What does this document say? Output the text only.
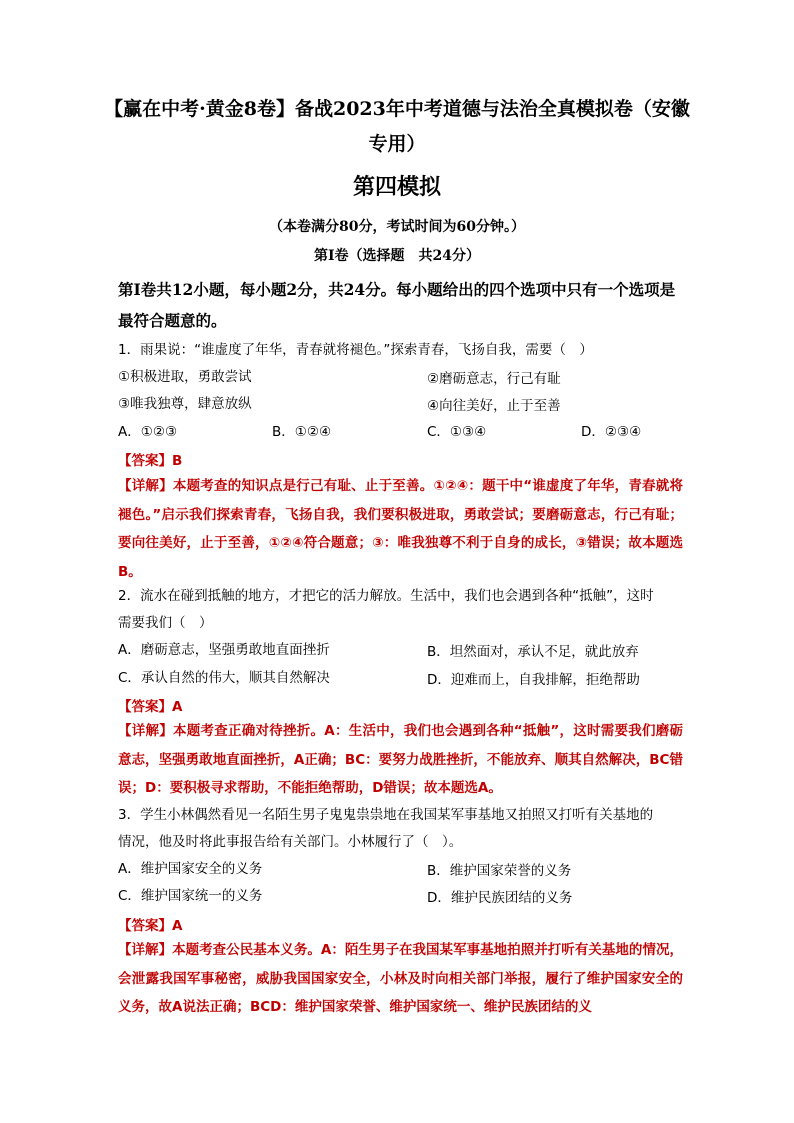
【赢在中考·黄金8卷】备战2023年中考道德与法治全真模拟卷（安徽专用）
第四模拟
（本卷满分80分，考试时间为60分钟。）
第Ⅰ卷（选择题　共24分）
第Ⅰ卷共12小题，每小题2分，共24分。每小题给出的四个选项中只有一个选项是最符合题意的。
1．雨果说：“谁虚度了年华，青春就将褪色。”探索青春，飞扬自我，需要（　）
①积极进取，勇敢尝试	②磨砺意志，行己有耻
③唯我独尊，肆意放纵	④向往美好，止于至善
A．①②③	B．①②④	C．①③④	D．②③④
【答案】B
【详解】本题考查的知识点是行己有耻、止于至善。①②④：题干中“谁虚度了年华，青春就将褪色。”启示我们探索青春，飞扬自我，我们要积极进取，勇敢尝试；要磨砺意志，行己有耻；要向往美好，止于至善，①②④符合题意；③：唯我独尊不利于自身的成长，③错误；故本题选B。
2．流水在碰到抵触的地方，才把它的活力解放。生活中，我们也会遇到各种“抵触”，这时
需要我们（　）
A．磨砺意志，坚强勇敢地直面挫折	B．坦然面对，承认不足，就此放弃
C．承认自然的伟大，顺其自然解决	D．迎难而上，自我排解，拒绝帮助
【答案】A
【详解】本题考查正确对待挫折。A：生活中，我们也会遇到各种“抵触”，这时需要我们磨砺意志，坚强勇敢地直面挫折，A正确；BC：要努力战胜挫折，不能放弃、顺其自然解决，BC错误；D：要积极寻求帮助，不能拒绝帮助，D错误；故本题选A。
3．学生小林偶然看见一名陌生男子鬼鬼祟祟地在我国某军事基地又拍照又打听有关基地的
情况，他及时将此事报告给有关部门。小林履行了（　）。
A．维护国家安全的义务	B．维护国家荣誉的义务
C．维护国家统一的义务	D．维护民族团结的义务
【答案】A
【详解】本题考查公民基本义务。A：陌生男子在我国某军事基地拍照并打听有关基地的情况，会泄露我国军事秘密，威胁我国国家安全，小林及时向相关部门举报，履行了维护国家安全的义务，故A说法正确；BCD：维护国家荣誉、维护国家统一、维护民族团结的义
